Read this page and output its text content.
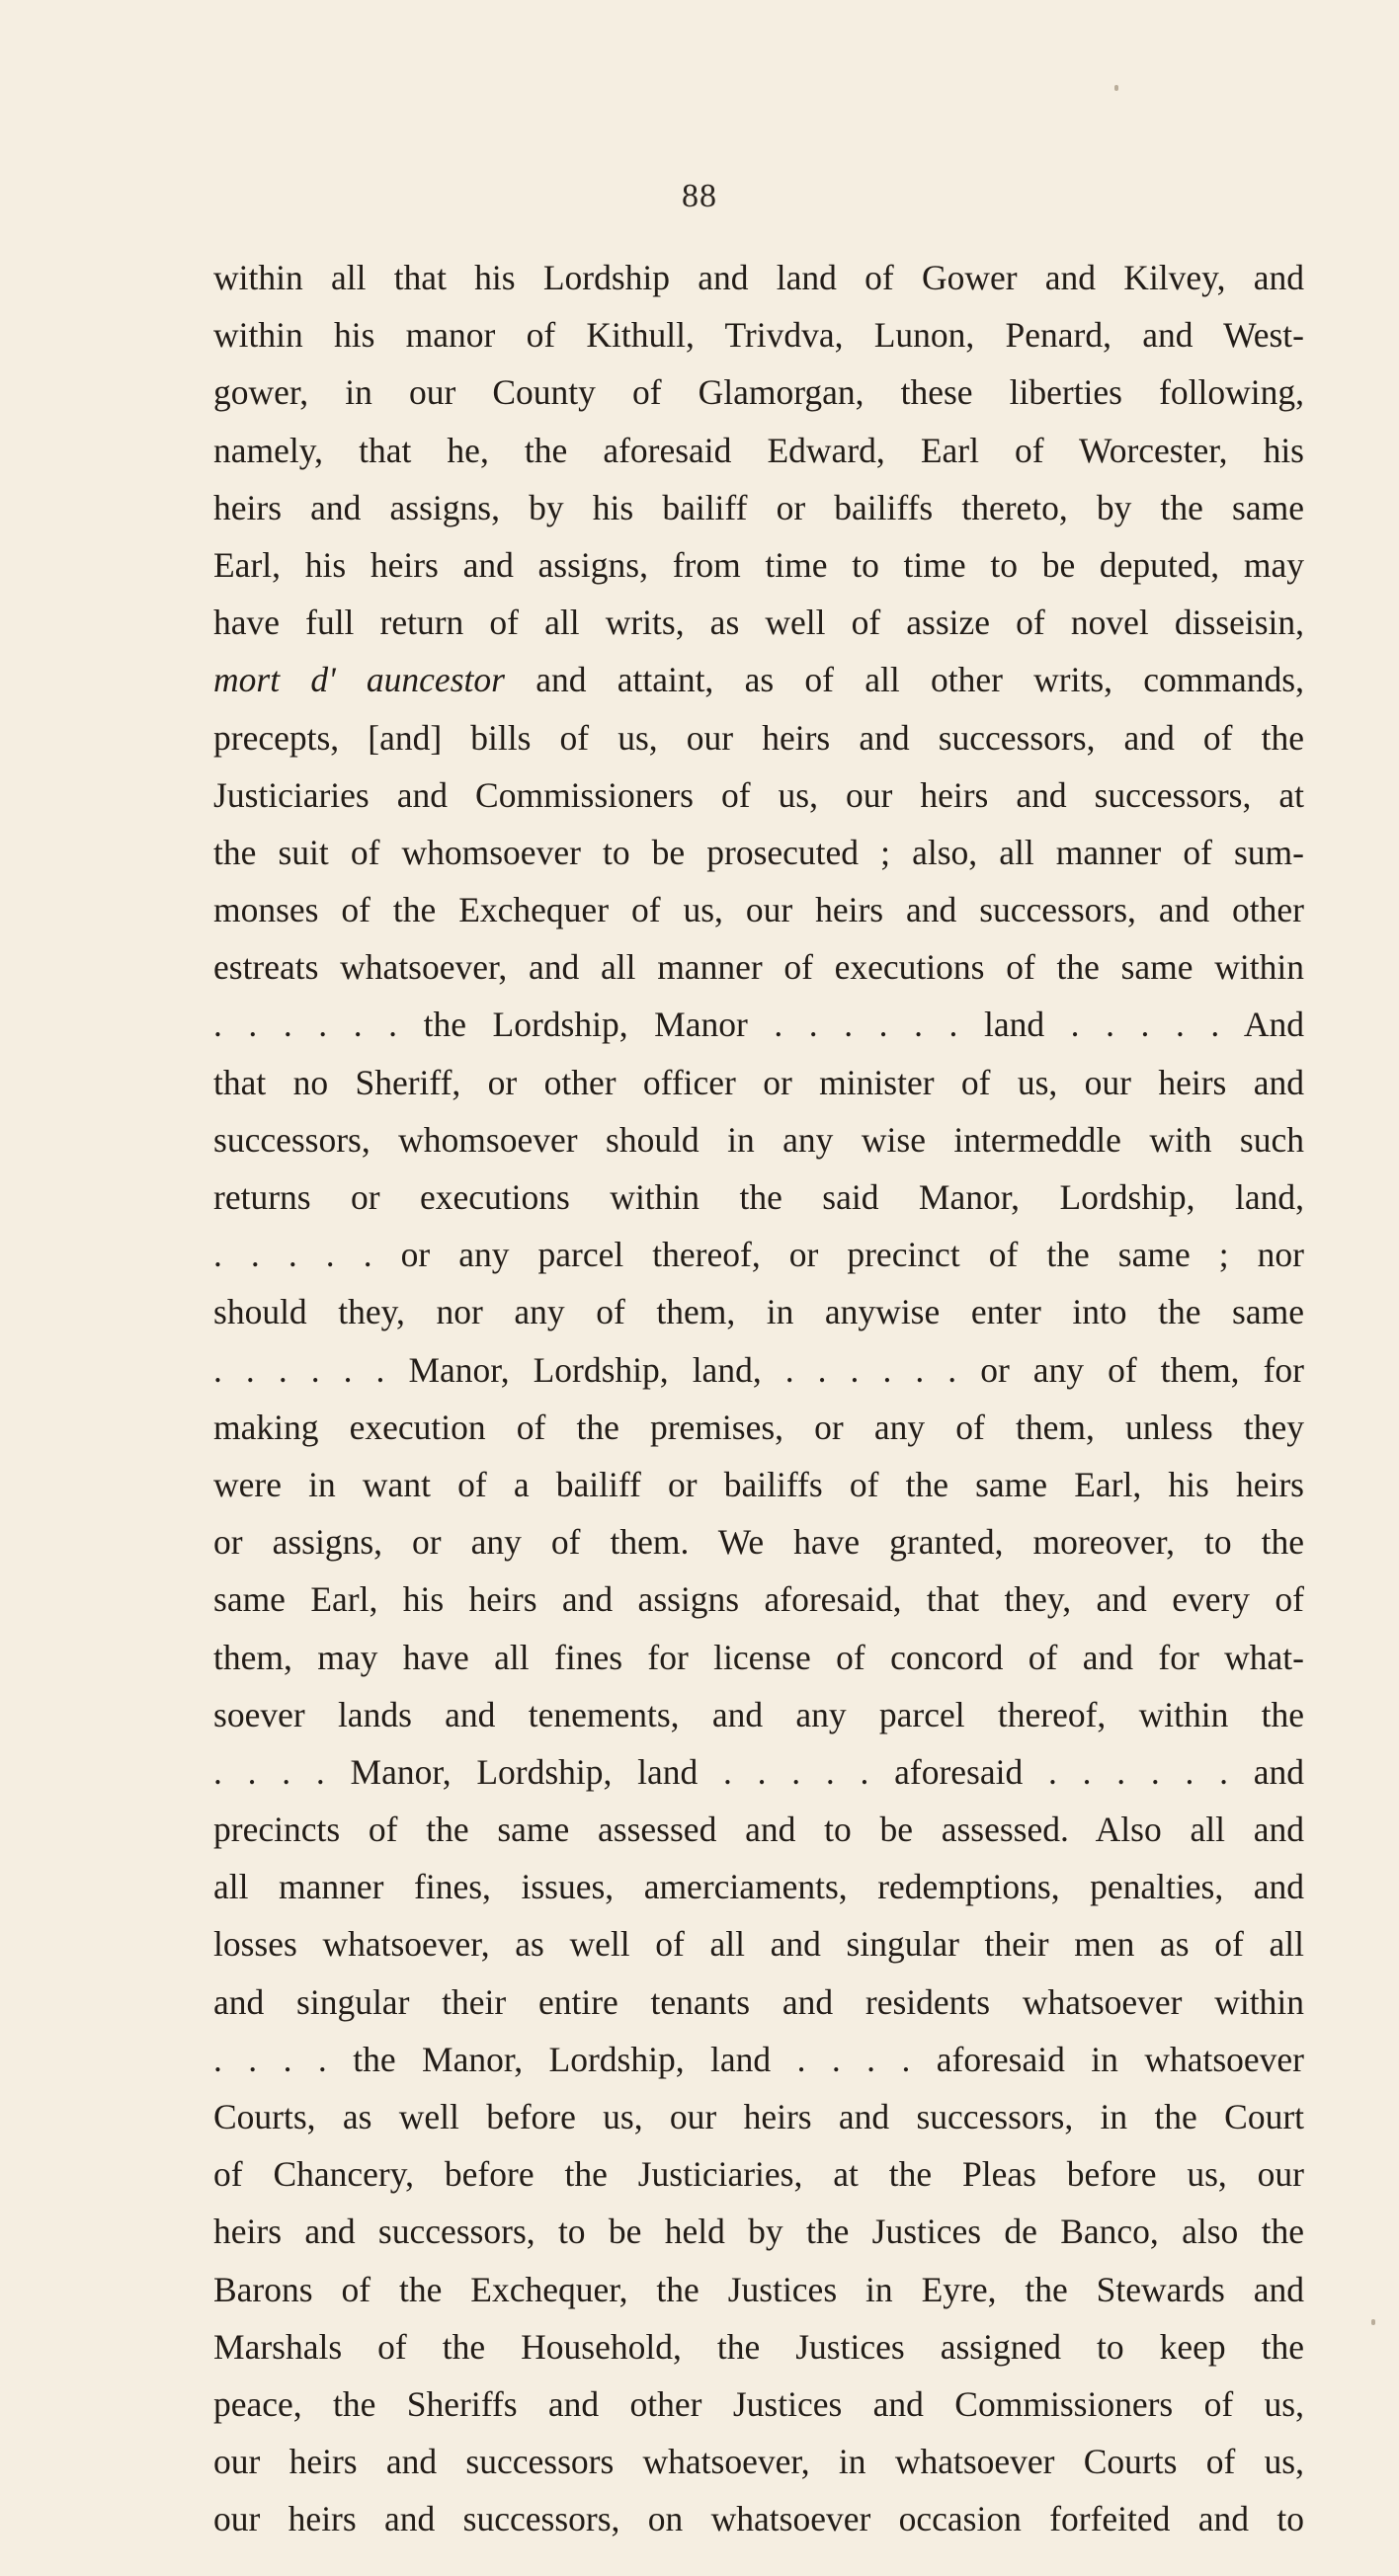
88
within all that his Lordship and land of Gower and Kilvey, and
within his manor of Kithull, Trivdva, Lunon, Penard, and West-
gower, in our County of Glamorgan, these liberties following,
namely, that he, the aforesaid Edward, Earl of Worcester, his
heirs and assigns, by his bailiff or bailiffs thereto, by the same
Earl, his heirs and assigns, from time to time to be deputed, may
have full return of all writs, as well of assize of novel disseisin,
mort d' auncestor and attaint, as of all other writs, commands,
precepts, [and] bills of us, our heirs and successors, and of the
Justiciaries and Commissioners of us, our heirs and successors, at
the suit of whomsoever to be prosecuted ; also, all manner of sum-
monses of the Exchequer of us, our heirs and successors, and other
estreats whatsoever, and all manner of executions of the same within
. . . . . . the Lordship, Manor . . . . . . land . . . . . And
that no Sheriff, or other officer or minister of us, our heirs and
successors, whomsoever should in any wise intermeddle with such
returns or executions within the said Manor, Lordship, land,
. . . . . or any parcel thereof, or precinct of the same ; nor
should they, nor any of them, in anywise enter into the same
. . . . . . Manor, Lordship, land, . . . . . . or any of them, for
making execution of the premises, or any of them, unless they
were in want of a bailiff or bailiffs of the same Earl, his heirs
or assigns, or any of them. We have granted, moreover, to the
same Earl, his heirs and assigns aforesaid, that they, and every of
them, may have all fines for license of concord of and for what-
soever lands and tenements, and any parcel thereof, within the
. . . . Manor, Lordship, land . . . . . aforesaid . . . . . . and
precincts of the same assessed and to be assessed. Also all and
all manner fines, issues, amerciaments, redemptions, penalties, and
losses whatsoever, as well of all and singular their men as of all
and singular their entire tenants and residents whatsoever within
. . . . the Manor, Lordship, land . . . . aforesaid in whatsoever
Courts, as well before us, our heirs and successors, in the Court
of Chancery, before the Justiciaries, at the Pleas before us, our
heirs and successors, to be held by the Justices de Banco, also the
Barons of the Exchequer, the Justices in Eyre, the Stewards and
Marshals of the Household, the Justices assigned to keep the
peace, the Sheriffs and other Justices and Commissioners of us,
our heirs and successors whatsoever, in whatsoever Courts of us,
our heirs and successors, on whatsoever occasion forfeited and to
